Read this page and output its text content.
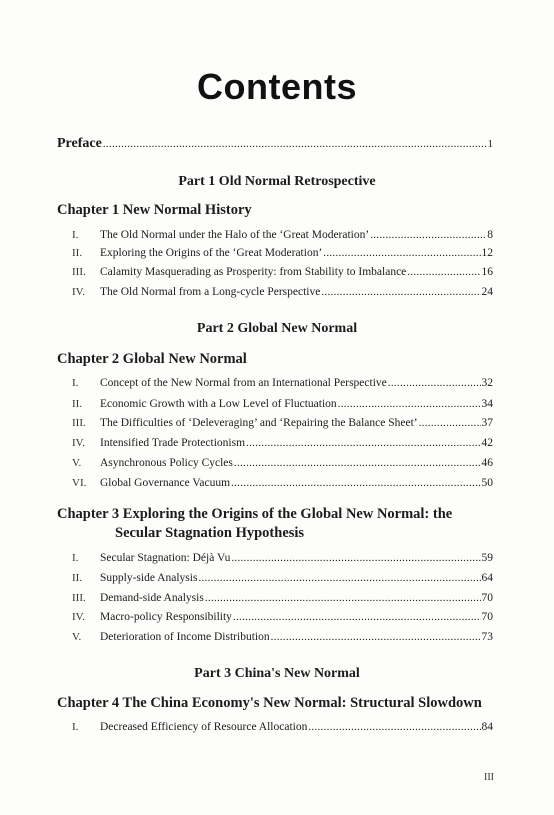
Contents
Preface .....	1
Part 1 Old Normal Retrospective
Chapter 1 New Normal History
I.	The Old Normal under the Halo of the ‘Great Moderation’ .....	8
II.	Exploring the Origins of the ‘Great Moderation’ .....	12
III.	Calamity Masquerading as Prosperity: from Stability to Imbalance .....	16
IV.	The Old Normal from a Long-cycle Perspective .....	24
Part 2 Global New Normal
Chapter 2 Global New Normal
I.	Concept of the New Normal from an International Perspective .....	32
II.	Economic Growth with a Low Level of Fluctuation .....	34
III.	The Difficulties of ‘Deleveraging’ and ‘Repairing the Balance Sheet’ .....	37
IV.	Intensified Trade Protectionism .....	42
V.	Asynchronous Policy Cycles .....	46
VI.	Global Governance Vacuum .....	50
Chapter 3 Exploring the Origins of the Global New Normal: the
Secular Stagnation Hypothesis
I.	Secular Stagnation: Déjà Vu .....	59
II.	Supply-side Analysis .....	64
III.	Demand-side Analysis .....	70
IV.	Macro-policy Responsibility .....	70
V.	Deterioration of Income Distribution .....	73
Part 3 China's New Normal
Chapter 4 The China Economy's New Normal: Structural Slowdown
I.	Decreased Efficiency of Resource Allocation .....	84
III
